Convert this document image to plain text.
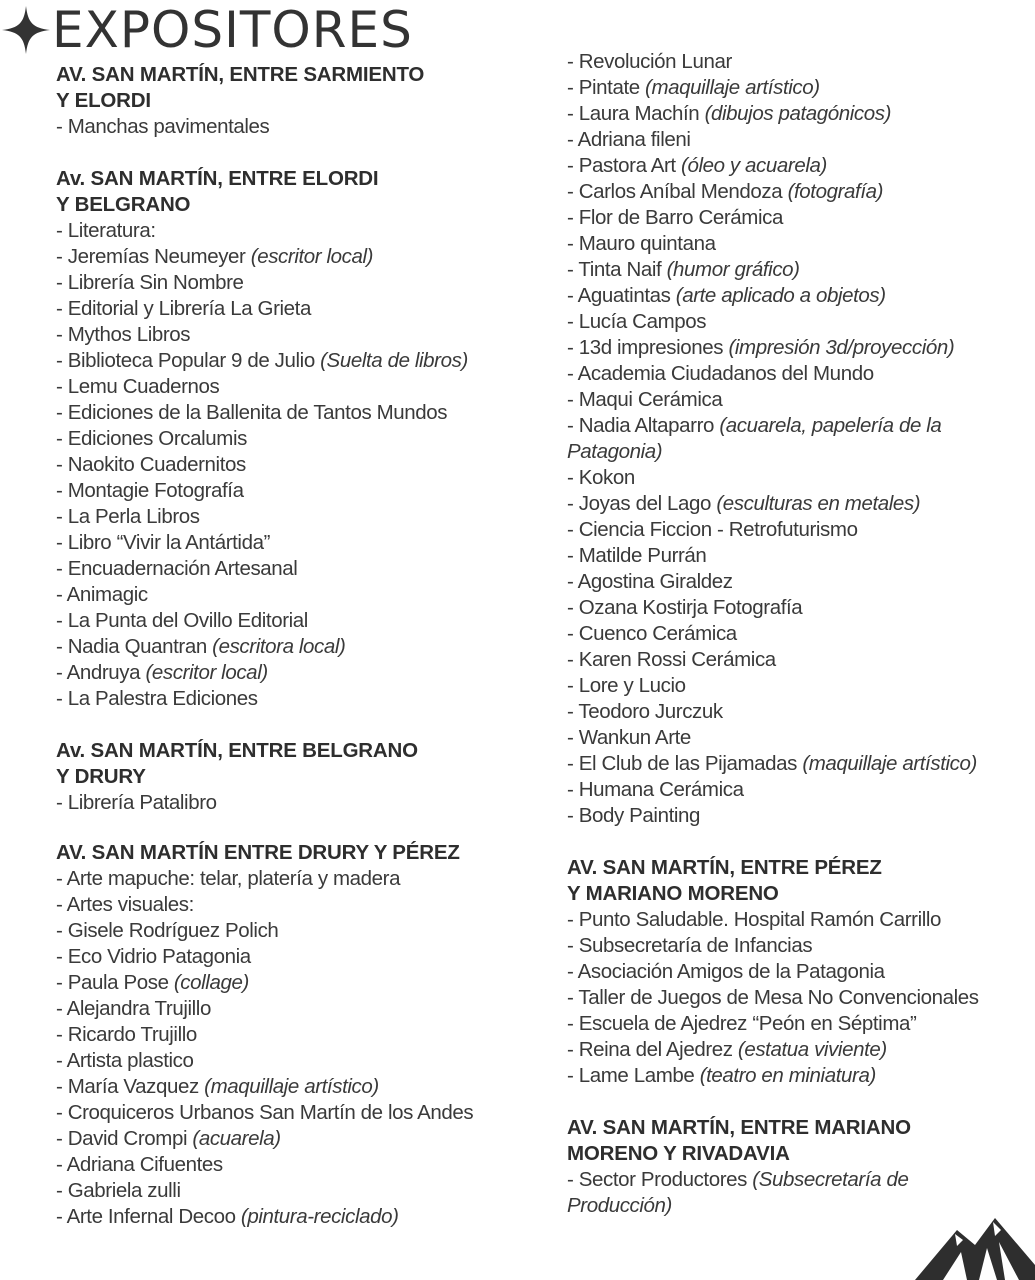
EXPOSITORES
AV. SAN MARTÍN, ENTRE SARMIENTO
Y ELORDI
- Manchas pavimentales
Av. SAN MARTÍN, ENTRE ELORDI
Y BELGRANO
- Literatura:
- Jeremías Neumeyer (escritor local)
- Librería Sin Nombre
- Editorial y Librería La Grieta
- Mythos Libros
- Biblioteca Popular 9 de Julio (Suelta de libros)
- Lemu Cuadernos
- Ediciones de la Ballenita de Tantos Mundos
- Ediciones Orcalumis
- Naokito Cuadernitos
- Montagie Fotografía
- La Perla Libros
- Libro “Vivir la Antártida”
- Encuadernación Artesanal
- Animagic
- La Punta del Ovillo Editorial
- Nadia Quantran (escritora local)
- Andruya (escritor local)
- La Palestra Ediciones
Av. SAN MARTÍN, ENTRE BELGRANO
Y DRURY
- Librería Patalibro
AV. SAN MARTÍN ENTRE DRURY Y PÉREZ
- Arte mapuche: telar, platería y madera
- Artes visuales:
- Gisele Rodríguez Polich
- Eco Vidrio Patagonia
- Paula Pose (collage)
- Alejandra Trujillo
- Ricardo Trujillo
- Artista plastico
- María Vazquez (maquillaje artístico)
- Croquiceros Urbanos San Martín de los Andes
- David Crompi (acuarela)
- Adriana Cifuentes
- Gabriela zulli
- Arte Infernal Decoo (pintura-reciclado)
- Revolución Lunar
- Pintate (maquillaje artístico)
- Laura Machín (dibujos patagónicos)
- Adriana fileni
- Pastora Art (óleo y acuarela)
- Carlos Aníbal Mendoza (fotografía)
- Flor de Barro Cerámica
- Mauro quintana
- Tinta Naif (humor gráfico)
- Aguatintas (arte aplicado a objetos)
- Lucía Campos
- 13d impresiones (impresión 3d/proyección)
- Academia Ciudadanos del Mundo
- Maqui Cerámica
- Nadia Altaparro (acuarela, papelería de la Patagonia)
- Kokon
- Joyas del Lago (esculturas en metales)
- Ciencia Ficcion - Retrofuturismo
- Matilde Purrán
- Agostina Giraldez
- Ozana Kostirja Fotografía
- Cuenco Cerámica
- Karen Rossi Cerámica
- Lore y Lucio
- Teodoro Jurczuk
- Wankun Arte
- El Club de las Pijamadas (maquillaje artístico)
- Humana Cerámica
- Body Painting
AV. SAN MARTÍN, ENTRE PÉREZ
Y MARIANO MORENO
- Punto Saludable. Hospital Ramón Carrillo
- Subsecretaría de Infancias
- Asociación Amigos de la Patagonia
- Taller de Juegos de Mesa No Convencionales
- Escuela de Ajedrez “Peón en Séptima”
- Reina del Ajedrez (estatua viviente)
- Lame Lambe (teatro en miniatura)
AV. SAN MARTÍN, ENTRE MARIANO
MORENO Y RIVADAVIA
- Sector Productores (Subsecretaría de Producción)
